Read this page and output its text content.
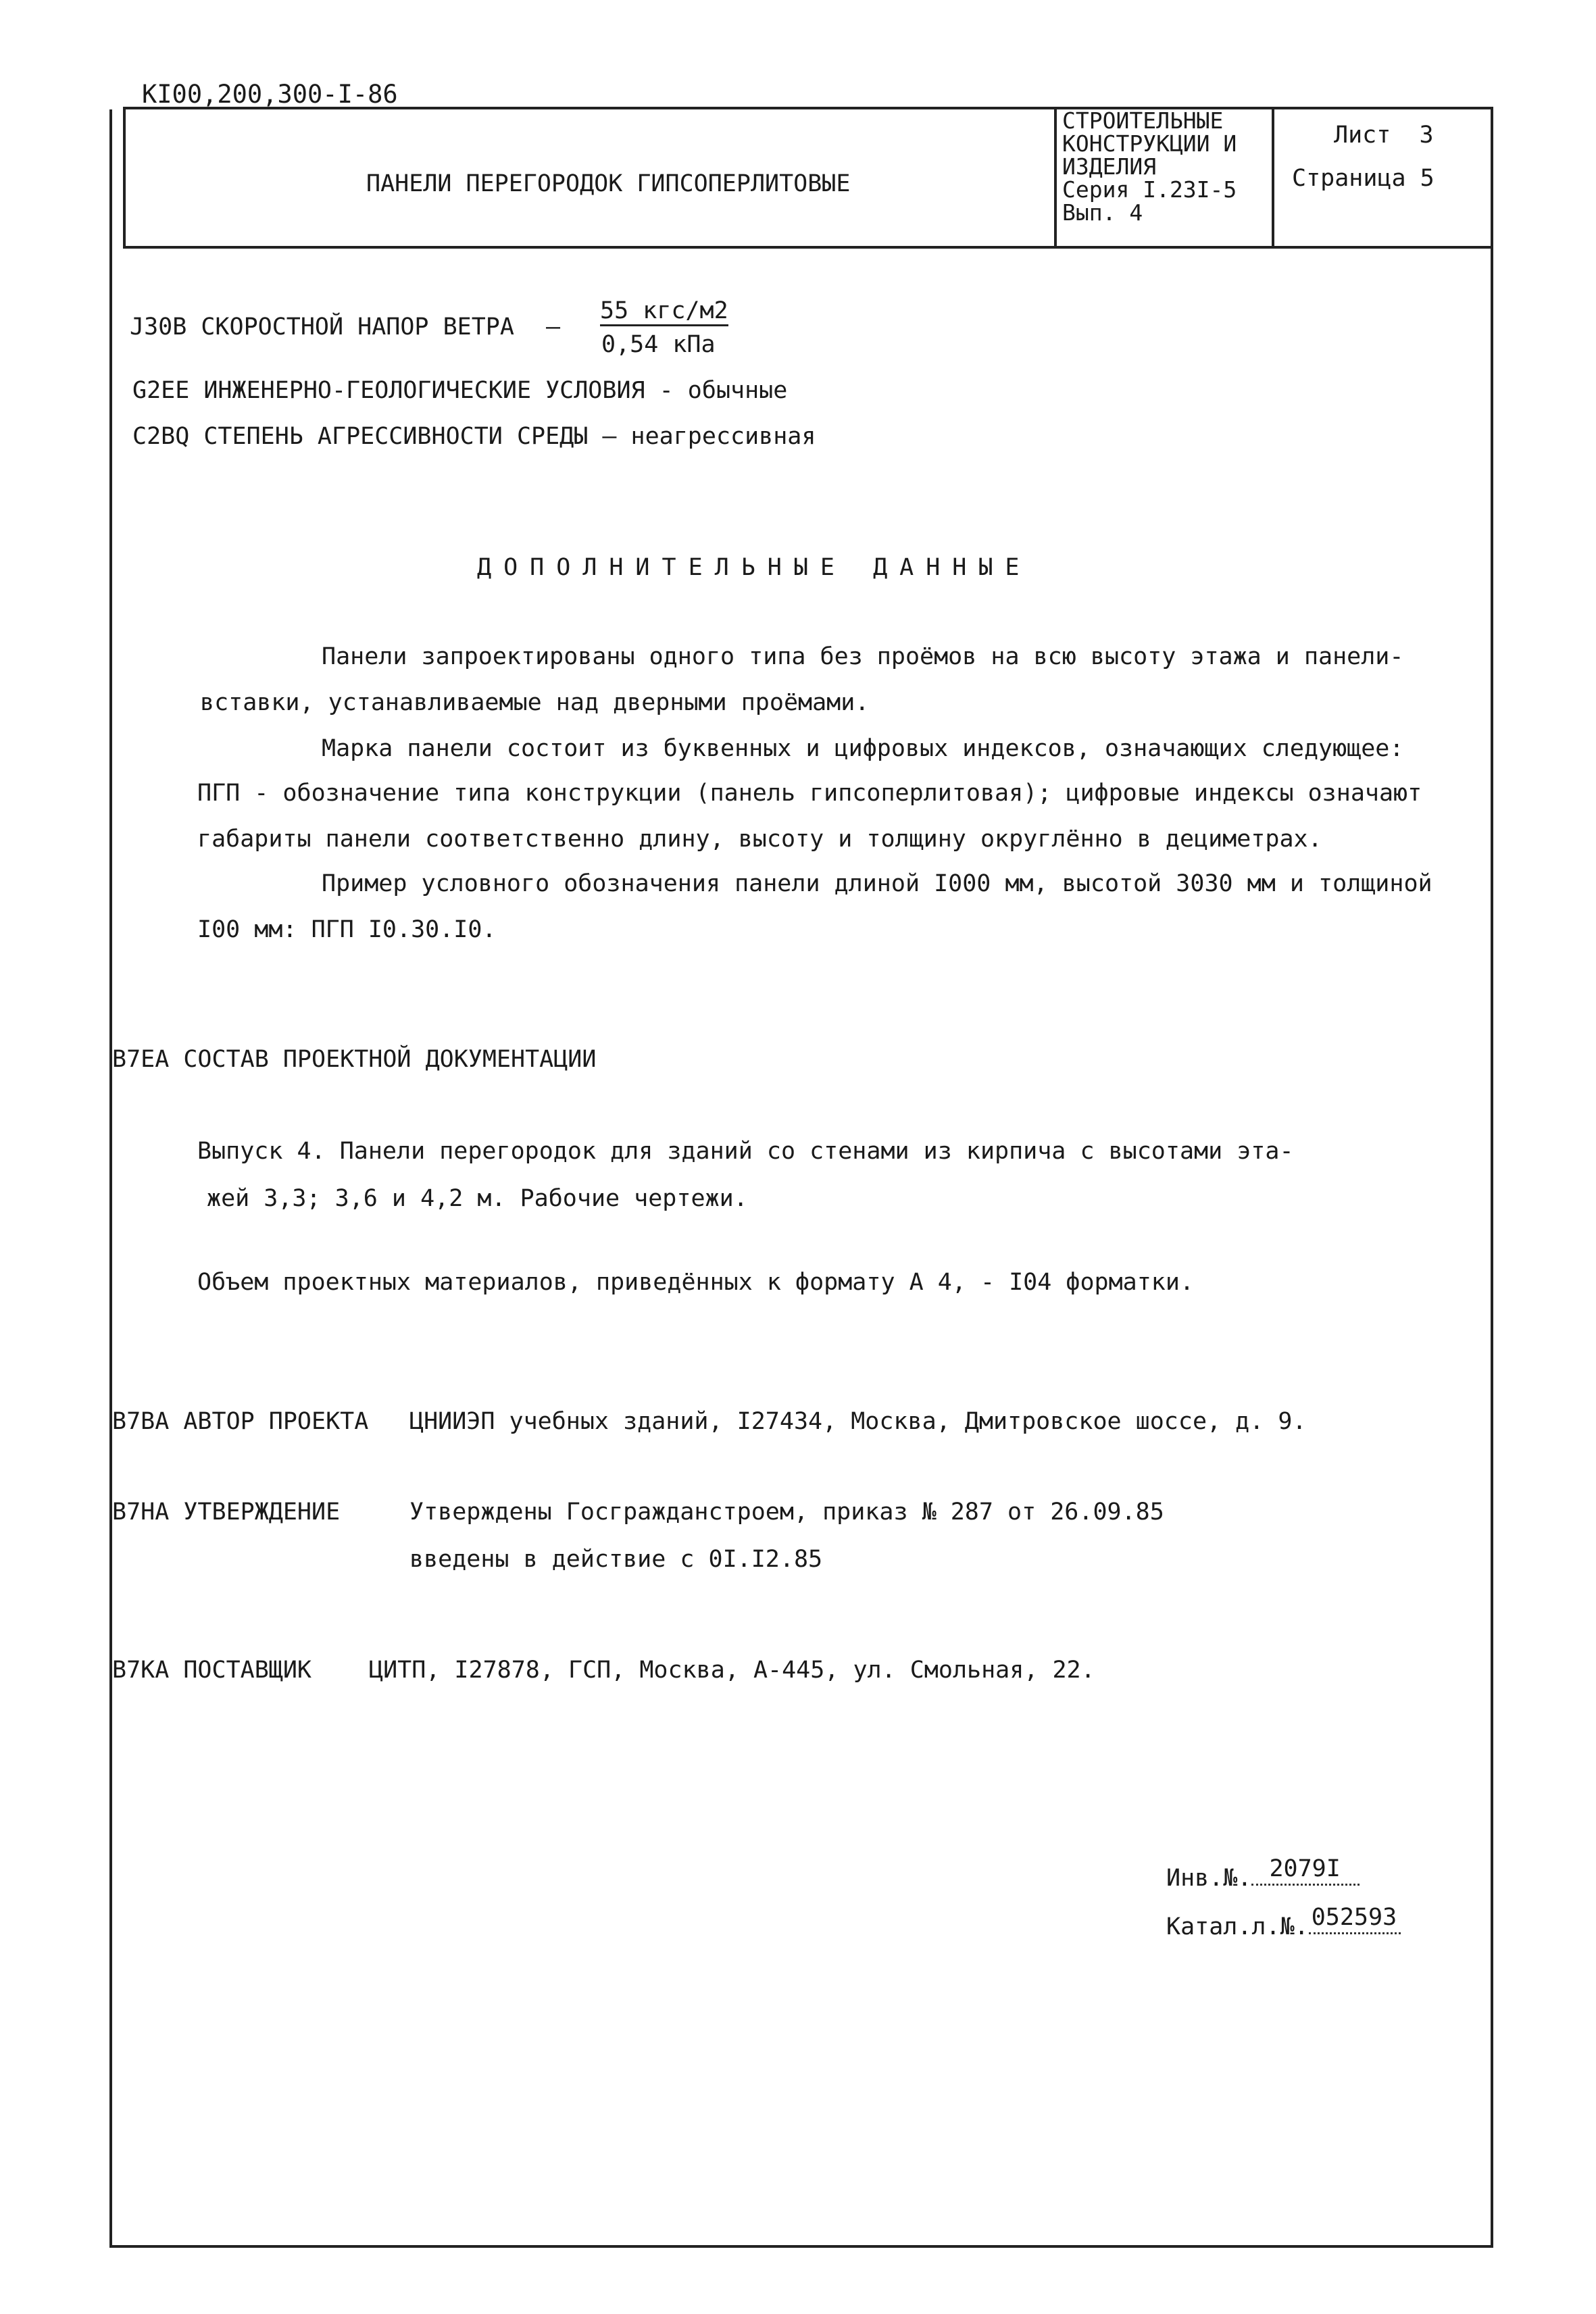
КI00,200,300-I-86
ПАНЕЛИ ПЕРЕГОРОДОК ГИПСОПЕРЛИТОВЫЕ
СТРОИТЕЛЬНЫЕ
КОНСТРУКЦИИ И
ИЗДЕЛИЯ
Серия I.23I-5
Вып. 4
Лист 3
Страница 5
J30В СКОРОСТНОЙ НАПОР ВЕТРА –
55 кгс/м2
0,54 кПа
G2ЕЕ ИНЖЕНЕРНО-ГЕОЛОГИЧЕСКИЕ УСЛОВИЯ - обычные
С2ВQ СТЕПЕНЬ АГРЕССИВНОСТИ СРЕДЫ – неагрессивная
ДОПОЛНИТЕЛЬНЫЕ ДАННЫЕ
Панели запроектированы одного типа без проёмов на всю высоту этажа и панели-
вставки, устанавливаемые над дверными проёмами.
Марка панели состоит из буквенных и цифровых индексов, означающих следующее:
ПГП - обозначение типа конструкции (панель гипсоперлитовая); цифровые индексы означают
габариты панели соответственно длину, высоту и толщину округлённо в дециметрах.
Пример условного обозначения панели длиной I000 мм, высотой 3030 мм и толщиной
I00 мм: ПГП I0.30.I0.
В7ЕА СОСТАВ ПРОЕКТНОЙ ДОКУМЕНТАЦИИ
Выпуск 4. Панели перегородок для зданий со стенами из кирпича с высотами эта-
жей 3,3; 3,6 и 4,2 м. Рабочие чертежи.
Объем проектных материалов, приведённых к формату А 4, - I04 форматки.
В7ВА АВТОР ПРОЕКТА ЦНИИЭП учебных зданий, I27434, Москва, Дмитровское шоссе, д. 9.
В7НА УТВЕРЖДЕНИЕ	Утверждены Госгражданстроем, приказ № 287 от 26.09.85
введены в действие с 0I.I2.85
В7КА ПОСТАВЩИК ЦИТП, I27878, ГСП, Москва, А-445, ул. Смольная, 22.
Инв.№. 2079I
Катал.л.№. 052593
